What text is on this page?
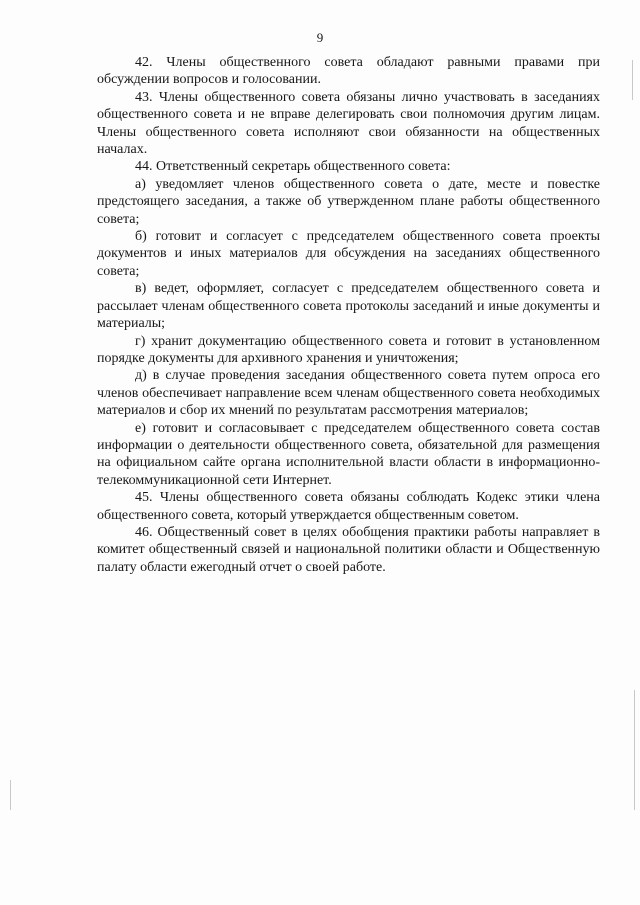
9

42. Члены общественного совета обладают равными правами при обсуждении вопросов и голосовании.

43. Члены общественного совета обязаны лично участвовать в заседаниях общественного совета и не вправе делегировать свои полномочия другим лицам. Члены общественного совета исполняют свои обязанности на общественных началах.

44. Ответственный секретарь общественного совета:

а) уведомляет членов общественного совета о дате, месте и повестке предстоящего заседания, а также об утвержденном плане работы общественного совета;

б) готовит и согласует с председателем общественного совета проекты документов и иных материалов для обсуждения на заседаниях общественного совета;

в) ведет, оформляет, согласует с председателем общественного совета и рассылает членам общественного совета протоколы заседаний и иные документы и материалы;

г) хранит документацию общественного совета и готовит в установленном порядке документы для архивного хранения и уничтожения;

д) в случае проведения заседания общественного совета путем опроса его членов обеспечивает направление всем членам общественного совета необходимых материалов и сбор их мнений по результатам рассмотрения материалов;

е) готовит и согласовывает с председателем общественного совета состав информации о деятельности общественного совета, обязательной для размещения на официальном сайте органа исполнительной власти области в информационно-телекоммуникационной сети Интернет.

45. Члены общественного совета обязаны соблюдать Кодекс этики члена общественного совета, который утверждается общественным советом.

46. Общественный совет в целях обобщения практики работы направляет в комитет общественный связей и национальной политики области и Общественную палату области ежегодный отчет о своей работе.
